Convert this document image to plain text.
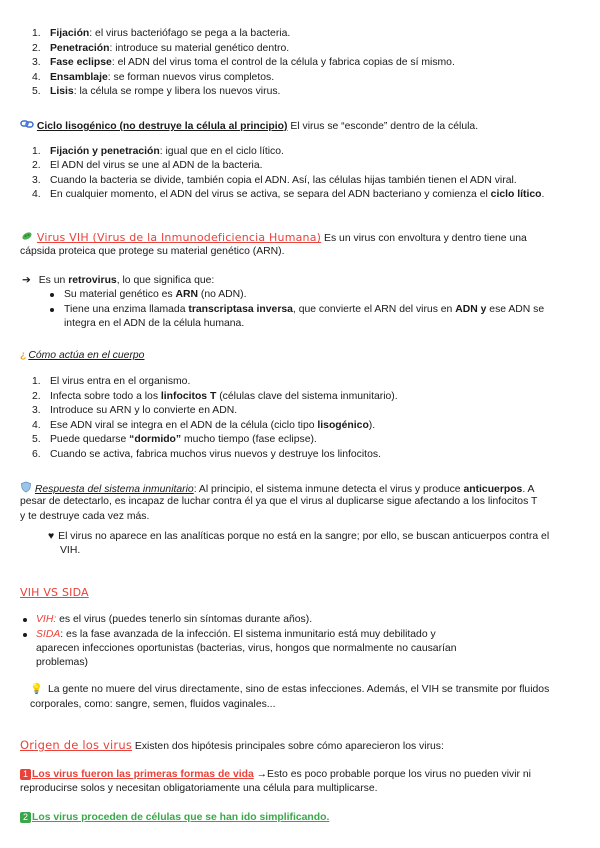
1. Fijación: el virus bacteriófago se pega a la bacteria.
2. Penetración: introduce su material genético dentro.
3. Fase eclipse: el ADN del virus toma el control de la célula y fabrica copias de sí mismo.
4. Ensamblaje: se forman nuevos virus completos.
5. Lisis: la célula se rompe y libera los nuevos virus.
Ciclo lisogénico (no destruye la célula al principio) El virus se “esconde” dentro de la célula.
1. Fijación y penetración: igual que en el ciclo lítico.
2. El ADN del virus se une al ADN de la bacteria.
3. Cuando la bacteria se divide, también copia el ADN. Así, las células hijas también tienen el ADN viral.
4. En cualquier momento, el ADN del virus se activa, se separa del ADN bacteriano y comienza el ciclo lítico.
Virus VIH (Virus de la Inmunodeficiencia Humana) Es un virus con envoltura y dentro tiene una
cápsida proteica que protege su material genético (ARN).
➔ Es un retrovirus, lo que significa que:
Su material genético es ARN (no ADN).
Tiene una enzima llamada transcriptasa inversa, que convierte el ARN del virus en ADN y ese ADN se
integra en el ADN de la célula humana.
¿ Cómo actúa en el cuerpo
1. El virus entra en el organismo.
2. Infecta sobre todo a los linfocitos T (células clave del sistema inmunitario).
3. Introduce su ARN y lo convierte en ADN.
4. Ese ADN viral se integra en el ADN de la célula (ciclo tipo lisogénico).
5. Puede quedarse “dormido” mucho tiempo (fase eclipse).
6. Cuando se activa, fabrica muchos virus nuevos y destruye los linfocitos.
Respuesta del sistema inmunitario: Al principio, el sistema inmune detecta el virus y produce anticuerpos. A
pesar de detectarlo, es incapaz de luchar contra él ya que el virus al duplicarse sigue afectando a los linfocitos T
y te destruye cada vez más.
♥ El virus no aparece en las analíticas porque no está en la sangre; por ello, se buscan anticuerpos contra el
VIH.
VIH VS SIDA
VIH: es el virus (puedes tenerlo sin síntomas durante años).
SIDA: es la fase avanzada de la infección. El sistema inmunitario está muy debilitado y
aparecen infecciones oportunistas (bacterias, virus, hongos que normalmente no causarían
problemas)
💡 La gente no muere del virus directamente, sino de estas infecciones. Además, el VIH se transmite por fluidos
corporales, como: sangre, semen, fluidos vaginales...
Origen de los virus Existen dos hipótesis principales sobre cómo aparecieron los virus:
1 Los virus fueron las primeras formas de vida →Esto es poco probable porque los virus no pueden vivir ni
reproducirse solos y necesitan obligatoriamente una célula para multiplicarse.
2 Los virus proceden de células que se han ido simplificando.
